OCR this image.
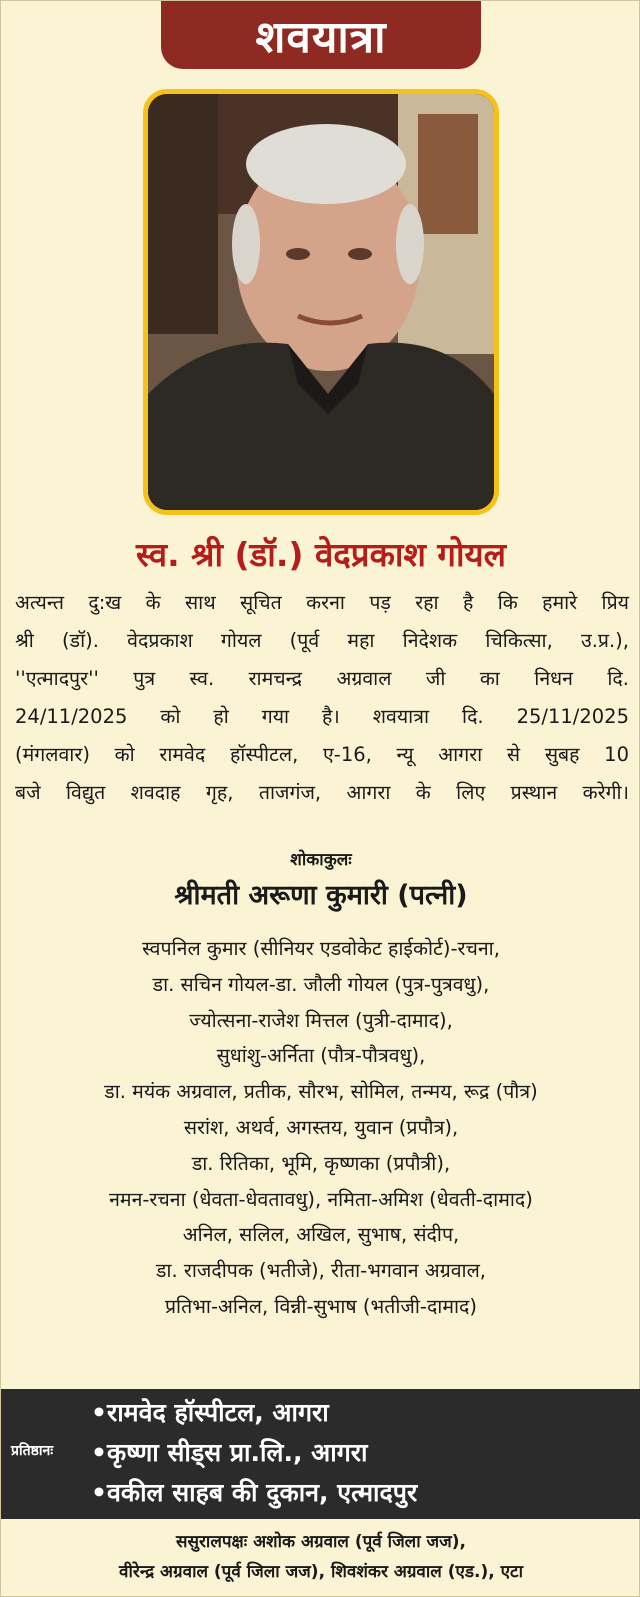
शवयात्रा
स्व. श्री (डॉ.) वेदप्रकाश गोयल
अत्यन्त दु:ख के साथ सूचित करना पड़ रहा है कि हमारे प्रिय
श्री (डॉ). वेदप्रकाश गोयल (पूर्व महा निदेशक चिकित्सा, उ.प्र.),
''एत्मादपुर'' पुत्र स्व. रामचन्द्र अग्रवाल जी का निधन दि.
24/11/2025 को हो गया है। शवयात्रा दि. 25/11/2025
(मंगलवार) को रामवेद हॉस्पीटल, ए-16, न्यू आगरा से सुबह 10
बजे विद्युत शवदाह गृह, ताजगंज, आगरा के लिए प्रस्थान करेगी।
शोकाकुलः
श्रीमती अरूणा कुमारी (पत्नी)
स्वपनिल कुमार (सीनियर एडवोकेट हाईकोर्ट)-रचना,
डा. सचिन गोयल-डा. जौली गोयल (पुत्र-पुत्रवधु),
ज्योत्सना-राजेश मित्तल (पुत्री-दामाद),
सुधांशु-अर्निता (पौत्र-पौत्रवधु),
डा. मयंक अग्रवाल, प्रतीक, सौरभ, सोमिल, तन्मय, रूद्र (पौत्र)
सरांश, अथर्व, अगस्तय, युवान (प्रपौत्र),
डा. रितिका, भूमि, कृष्णका (प्रपौत्री),
नमन-रचना (धेवता-धेवतावधु), नमिता-अमिश (धेवती-दामाद)
अनिल, सलिल, अखिल, सुभाष, संदीप,
डा. राजदीपक (भतीजे), रीता-भगवान अग्रवाल,
प्रतिभा-अनिल, विन्नी-सुभाष (भतीजी-दामाद)
प्रतिष्ठानः
•रामवेद हॉस्पीटल, आगरा
•कृष्णा सीड्स प्रा.लि., आगरा
•वकील साहब की दुकान, एत्मादपुर
ससुरालपक्षः अशोक अग्रवाल (पूर्व जिला जज),
वीरेन्द्र अग्रवाल (पूर्व जिला जज), शिवशंकर अग्रवाल (एड.), एटा
